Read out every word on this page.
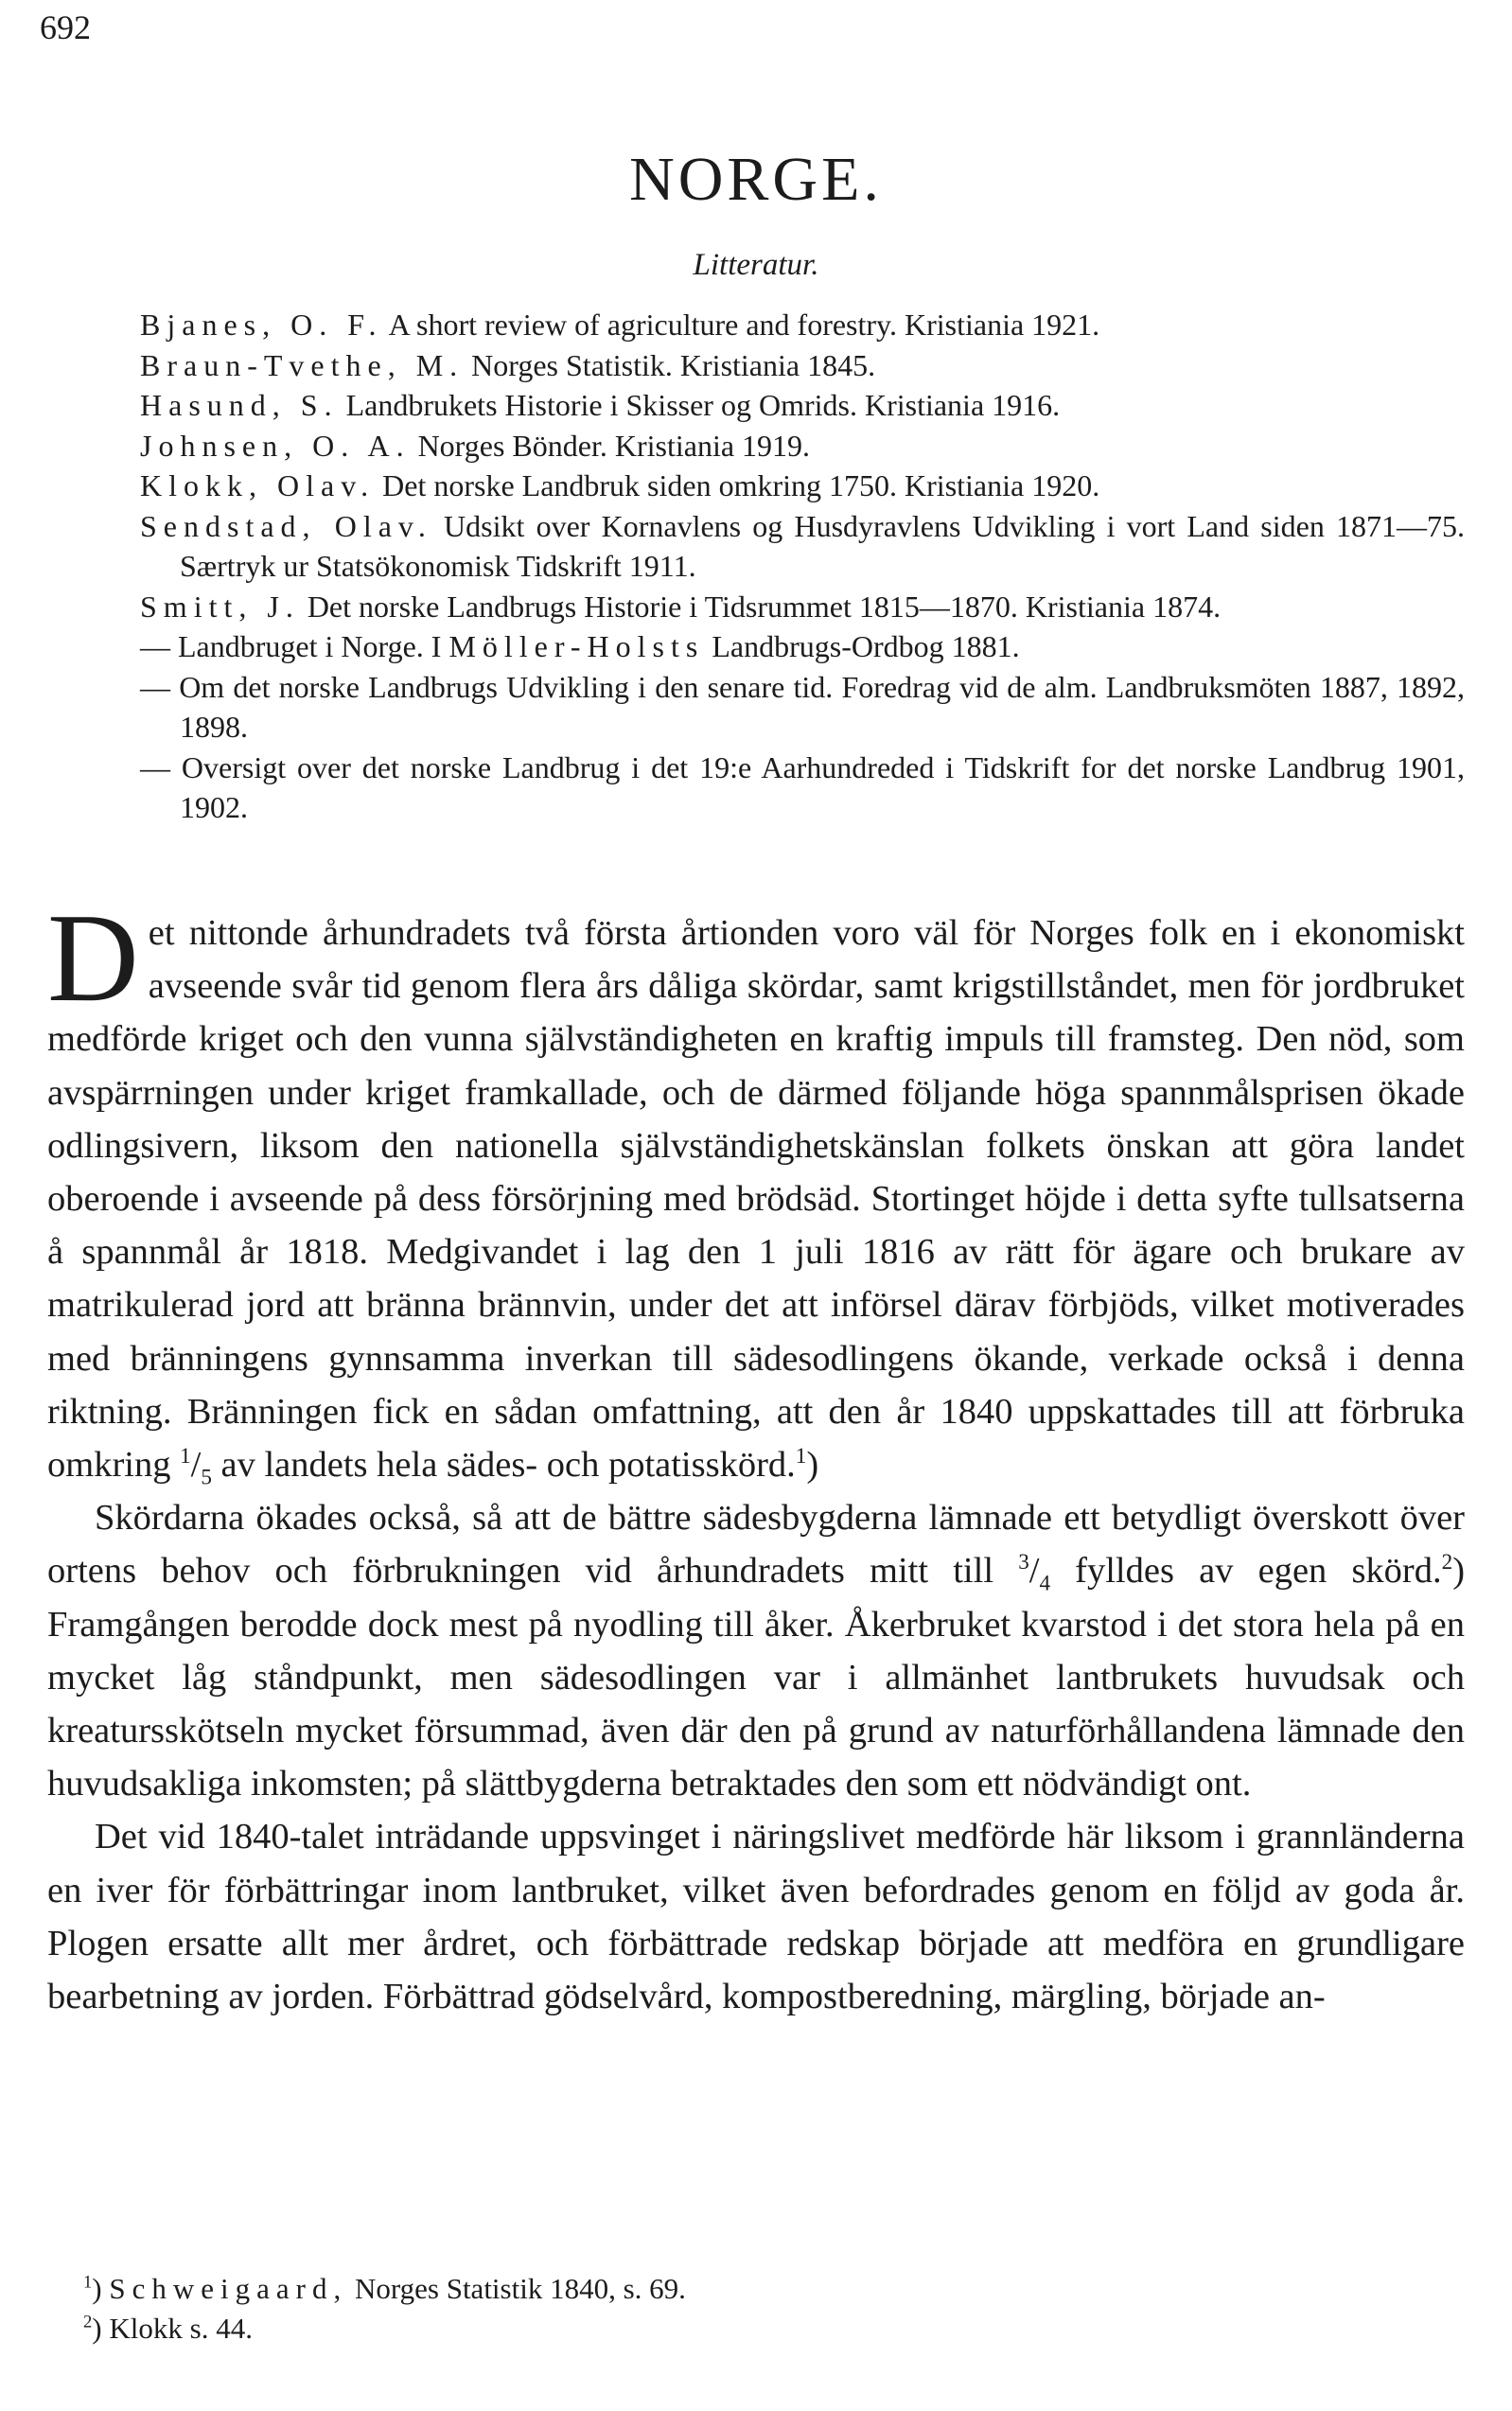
692
NORGE.
Litteratur.
Bjanes, O. F. A short review of agriculture and forestry. Kristiania 1921.
Braun-Tvethe, M. Norges Statistik. Kristiania 1845.
Hasund, S. Landbrukets Historie i Skisser og Omrids. Kristiania 1916.
Johnsen, O. A. Norges Bönder. Kristiania 1919.
Klokk, Olav. Det norske Landbruk siden omkring 1750. Kristiania 1920.
Sendstad, Olav. Udsikt over Kornavlens og Husdyravlens Udvikling i vort Land siden 1871—75. Særtryk ur Statsökonomisk Tidskrift 1911.
Smitt, J. Det norske Landbrugs Historie i Tidsrummet 1815—1870. Kristiania 1874.
— Landbruget i Norge. I Möller-Holsts Landbrugs-Ordbog 1881.
— Om det norske Landbrugs Udvikling i den senare tid. Foredrag vid de alm. Landbruksmöten 1887, 1892, 1898.
— Oversigt over det norske Landbrug i det 19:e Aarhundreded i Tidskrift for det norske Landbrug 1901, 1902.

Det nittonde århundradets två första årtionden voro väl för Norges folk en i ekonomiskt avseende svår tid genom flera års dåliga skördar, samt krigstillståndet, men för jordbruket medförde kriget och den vunna självständigheten en kraftig impuls till framsteg. Den nöd, som avspärrningen under kriget framkallade, och de därmed följande höga spannmålsprisen ökade odlingsivern, liksom den nationella självständighetskänslan folkets önskan att göra landet oberoende i avseende på dess försörjning med brödsäd. Stortinget höjde i detta syfte tullsatserna å spannmål år 1818. Medgivandet i lag den 1 juli 1816 av rätt för ägare och brukare av matrikulerad jord att bränna brännvin, under det att införsel därav förbjöds, vilket motiverades med bränningens gynnsamma inverkan till sädesodlingens ökande, verkade också i denna riktning. Bränningen fick en sådan omfattning, att den år 1840 uppskattades till att förbruka omkring $^1/_5$ av landets hela sädes- och potatisskörd.$^1$)

Skördarna ökades också, så att de bättre sädesbygderna lämnade ett betydligt överskott över ortens behov och förbrukningen vid århundradets mitt till $^3/_4$ fylldes av egen skörd.$^2$) Framgången berodde dock mest på nyodling till åker. Åkerbruket kvarstod i det stora hela på en mycket låg ståndpunkt, men sädesodlingen var i allmänhet lantbrukets huvudsak och kreatursskötseln mycket försummad, även där den på grund av naturförhållandena lämnade den huvudsakliga inkomsten; på slättbygderna betraktades den som ett nödvändigt ont.

Det vid 1840-talet inträdande uppsvinget i näringslivet medförde här liksom i grannländerna en iver för förbättringar inom lantbruket, vilket även befordrades genom en följd av goda år. Plogen ersatte allt mer årdret, och förbättrade redskap började att medföra en grundligare bearbetning av jorden. Förbättrad gödselvård, kompostberedning, märgling, började an-

$^1$) Schweigaard, Norges Statistik 1840, s. 69.
$^2$) Klokk s. 44.
